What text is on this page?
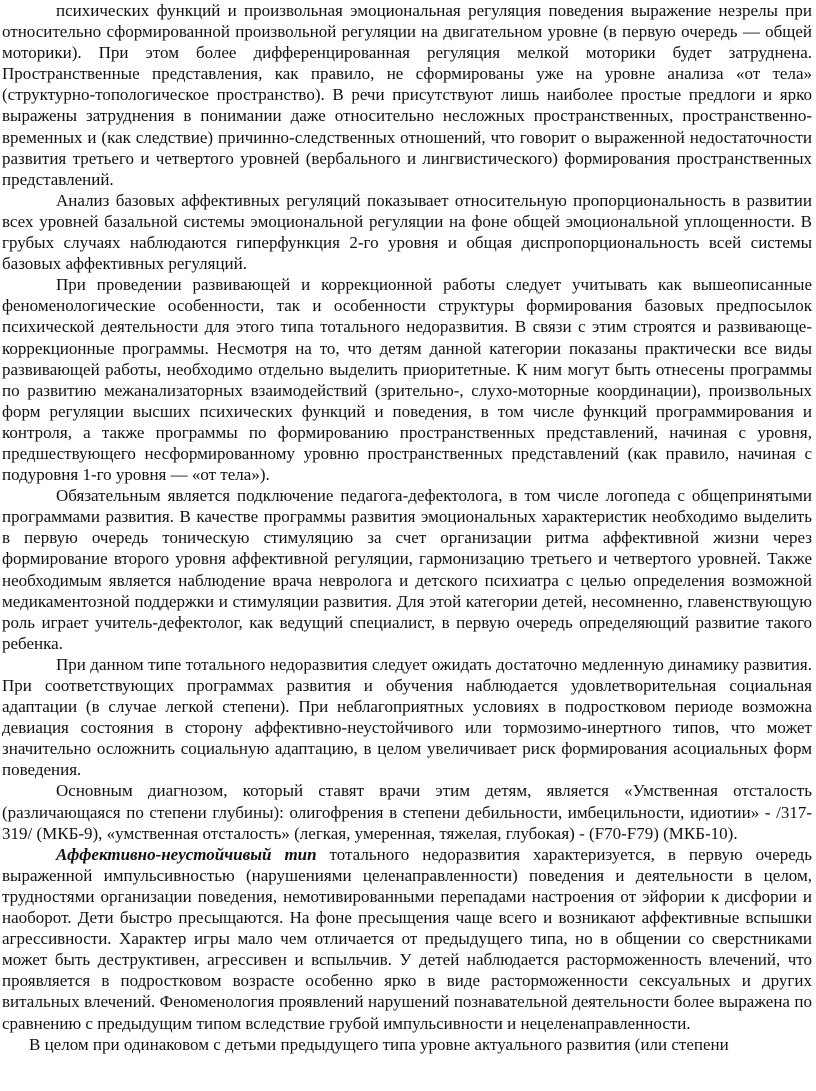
психических функций и произвольная эмоциональная регуляция поведения выражение незрелы при относительно сформированной произвольной регуляции на двигательном уровне (в первую очередь — общей моторики). При этом более дифференцированная регуляция мелкой моторики будет затруднена. Пространственные представления, как правило, не сформированы уже на уровне анализа «от тела» (структурно-топологическое пространство). В речи присутствуют лишь наиболее простые предлоги и ярко выражены затруднения в понимании даже относительно несложных пространственных, пространственно-временных и (как следствие) причинно-следственных отношений, что говорит о выраженной недостаточности развития третьего и четвертого уровней (вербального и лингвистического) формирования пространственных представлений.

Анализ базовых аффективных регуляций показывает относительную пропорциональность в развитии всех уровней базальной системы эмоциональной регуляции на фоне общей эмоциональной уплощенности. В грубых случаях наблюдаются гиперфункция 2-го уровня и общая диспропорциональность всей системы базовых аффективных регуляций.

При проведении развивающей и коррекционной работы следует учитывать как вышеописанные феноменологические особенности, так и особенности структуры формирования базовых предпосылок психической деятельности для этого типа тотального недоразвития. В связи с этим строятся и развивающе-коррекционные программы. Несмотря на то, что детям данной категории показаны практически все виды развивающей работы, необходимо отдельно выделить приоритетные. К ним могут быть отнесены программы по развитию межанализаторных взаимодействий (зрительно-, слухо-моторные координации), произвольных форм регуляции высших психических функций и поведения, в том числе функций программирования и контроля, а также программы по формированию пространственных представлений, начиная с уровня, предшествующего несформированному уровню пространственных представлений (как правило, начиная с подуровня 1-го уровня — «от тела»).

Обязательным является подключение педагога-дефектолога, в том числе логопеда с общепринятыми программами развития. В качестве программы развития эмоциональных характеристик необходимо выделить в первую очередь тоническую стимуляцию за счет организации ритма аффективной жизни через формирование второго уровня аффективной регуляции, гармонизацию третьего и четвертого уровней. Также необходимым является наблюдение врача невролога и детского психиатра с целью определения возможной медикаментозной поддержки и стимуляции развития. Для этой категории детей, несомненно, главенствующую роль играет учитель-дефектолог, как ведущий специалист, в первую очередь определяющий развитие такого ребенка.

При данном типе тотального недоразвития следует ожидать достаточно медленную динамику развития. При соответствующих программах развития и обучения наблюдается удовлетворительная социальная адаптации (в случае легкой степени). При неблагоприятных условиях в подростковом периоде возможна девиация состояния в сторону аффективно-неустойчивого или тормозимо-инертного типов, что может значительно осложнить социальную адаптацию, в целом увеличивает риск формирования асоциальных форм поведения.

Основным диагнозом, который ставят врачи этим детям, является «Умственная отсталость (различающаяся по степени глубины): олигофрения в степени дебильности, имбецильности, идиотии» - /317-319/ (МКБ-9), «умственная отсталость» (легкая, умеренная, тяжелая, глубокая) - (F70-F79) (МКБ-10).

Аффективно-неустойчивый тип тотального недоразвития характеризуется, в первую очередь выраженной импульсивностью (нарушениями целенаправленности) поведения и деятельности в целом, трудностями организации поведения, немотивированными перепадами настроения от эйфории к дисфории и наоборот. Дети быстро пресыщаются. На фоне пресыщения чаще всего и возникают аффективные вспышки агрессивности. Характер игры мало чем отличается от предыдущего типа, но в общении со сверстниками может быть деструктивен, агрессивен и вспыльчив. У детей наблюдается расторможенность влечений, что проявляется в подростковом возрасте особенно ярко в виде расторможенности сексуальных и других витальных влечений. Феноменология проявлений нарушений познавательной деятельности более выражена по сравнению с предыдущим типом вследствие грубой импульсивности и нецеленаправленности.

В целом при одинаковом с детьми предыдущего типа уровне актуального развития (или степени
